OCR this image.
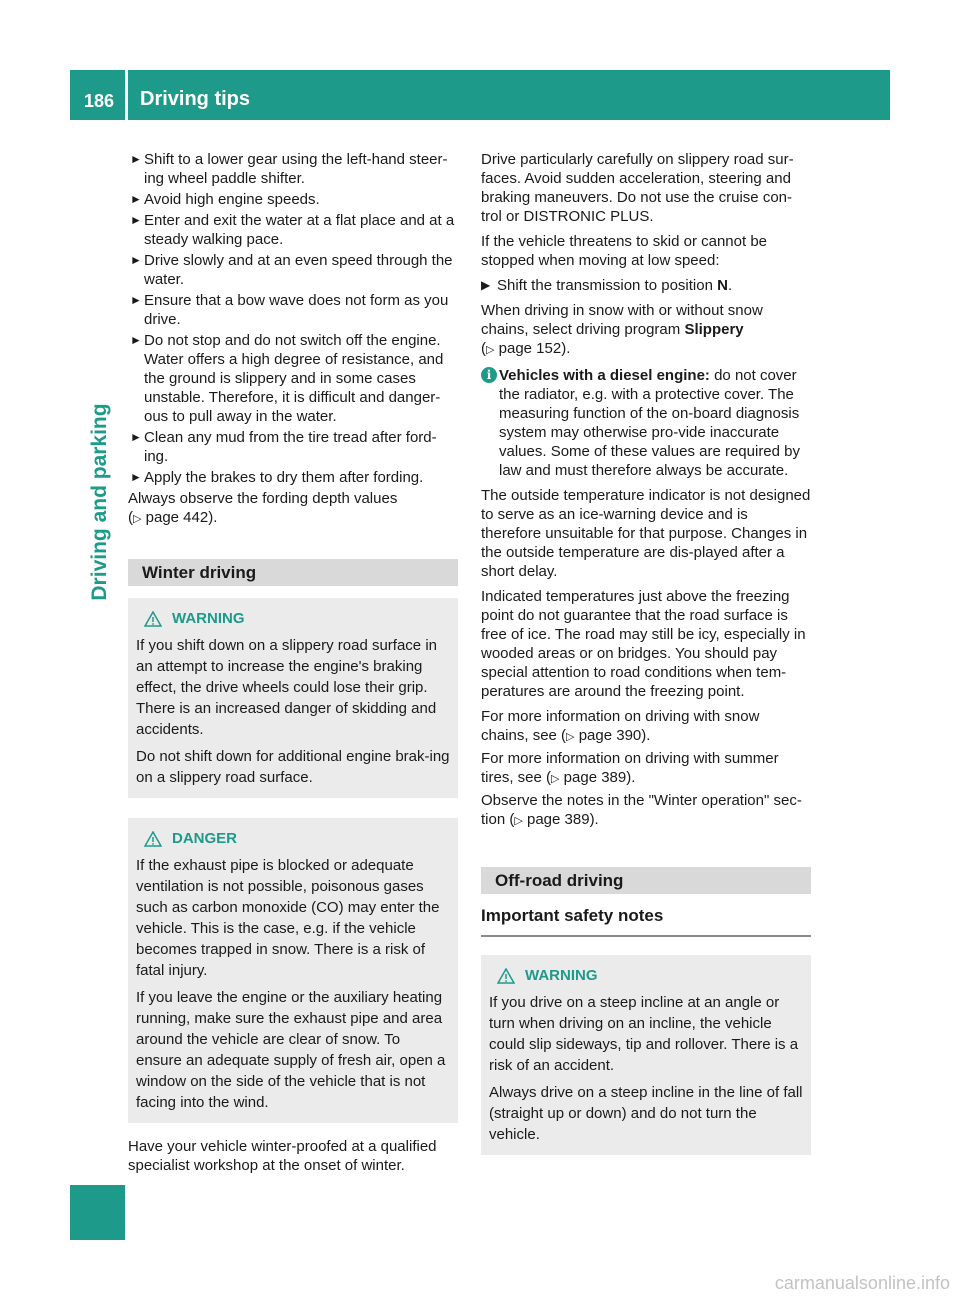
186 Driving tips
Driving and parking
► Shift to a lower gear using the left-hand steer-ing wheel paddle shifter.
► Avoid high engine speeds.
► Enter and exit the water at a flat place and at a steady walking pace.
► Drive slowly and at an even speed through the water.
► Ensure that a bow wave does not form as you drive.
► Do not stop and do not switch off the engine. Water offers a high degree of resistance, and the ground is slippery and in some cases unstable. Therefore, it is difficult and danger-ous to pull away in the water.
► Clean any mud from the tire tread after ford-ing.
► Apply the brakes to dry them after fording.

Always observe the fording depth values
(▷ page 442).

Winter driving
WARNING

If you shift down on a slippery road surface in an attempt to increase the engine's braking effect, the drive wheels could lose their grip. There is an increased danger of skidding and accidents.

Do not shift down for additional engine brak-ing on a slippery road surface.

DANGER

If the exhaust pipe is blocked or adequate ventilation is not possible, poisonous gases such as carbon monoxide (CO) may enter the vehicle. This is the case, e.g. if the vehicle becomes trapped in snow. There is a risk of fatal injury.

If you leave the engine or the auxiliary heating running, make sure the exhaust pipe and area around the vehicle are clear of snow. To ensure an adequate supply of fresh air, open a window on the side of the vehicle that is not facing into the wind.

Have your vehicle winter-proofed at a qualified specialist workshop at the onset of winter.

Drive particularly carefully on slippery road sur-faces. Avoid sudden acceleration, steering and braking maneuvers. Do not use the cruise con-trol or DISTRONIC PLUS.

If the vehicle threatens to skid or cannot be stopped when moving at low speed:

▶ Shift the transmission to position N.

When driving in snow with or without snow chains, select driving program Slippery
(▷ page 152).

i Vehicles with a diesel engine: do not cover the radiator, e.g. with a protective cover. The measuring function of the on-board diagnosis system may otherwise pro-vide inaccurate values. Some of these values are required by law and must therefore always be accurate.

The outside temperature indicator is not designed to serve as an ice-warning device and is therefore unsuitable for that purpose. Changes in the outside temperature are dis-played after a short delay.

Indicated temperatures just above the freezing point do not guarantee that the road surface is free of ice. The road may still be icy, especially in wooded areas or on bridges. You should pay special attention to road conditions when tem-peratures are around the freezing point.

For more information on driving with snow chains, see (▷ page 390).

For more information on driving with summer tires, see (▷ page 389).

Observe the notes in the "Winter operation" sec-tion (▷ page 389).

Off-road driving
Important safety notes
WARNING

If you drive on a steep incline at an angle or turn when driving on an incline, the vehicle could slip sideways, tip and rollover. There is a risk of an accident.

Always drive on a steep incline in the line of fall (straight up or down) and do not turn the vehicle.

carmanualsonline.info
